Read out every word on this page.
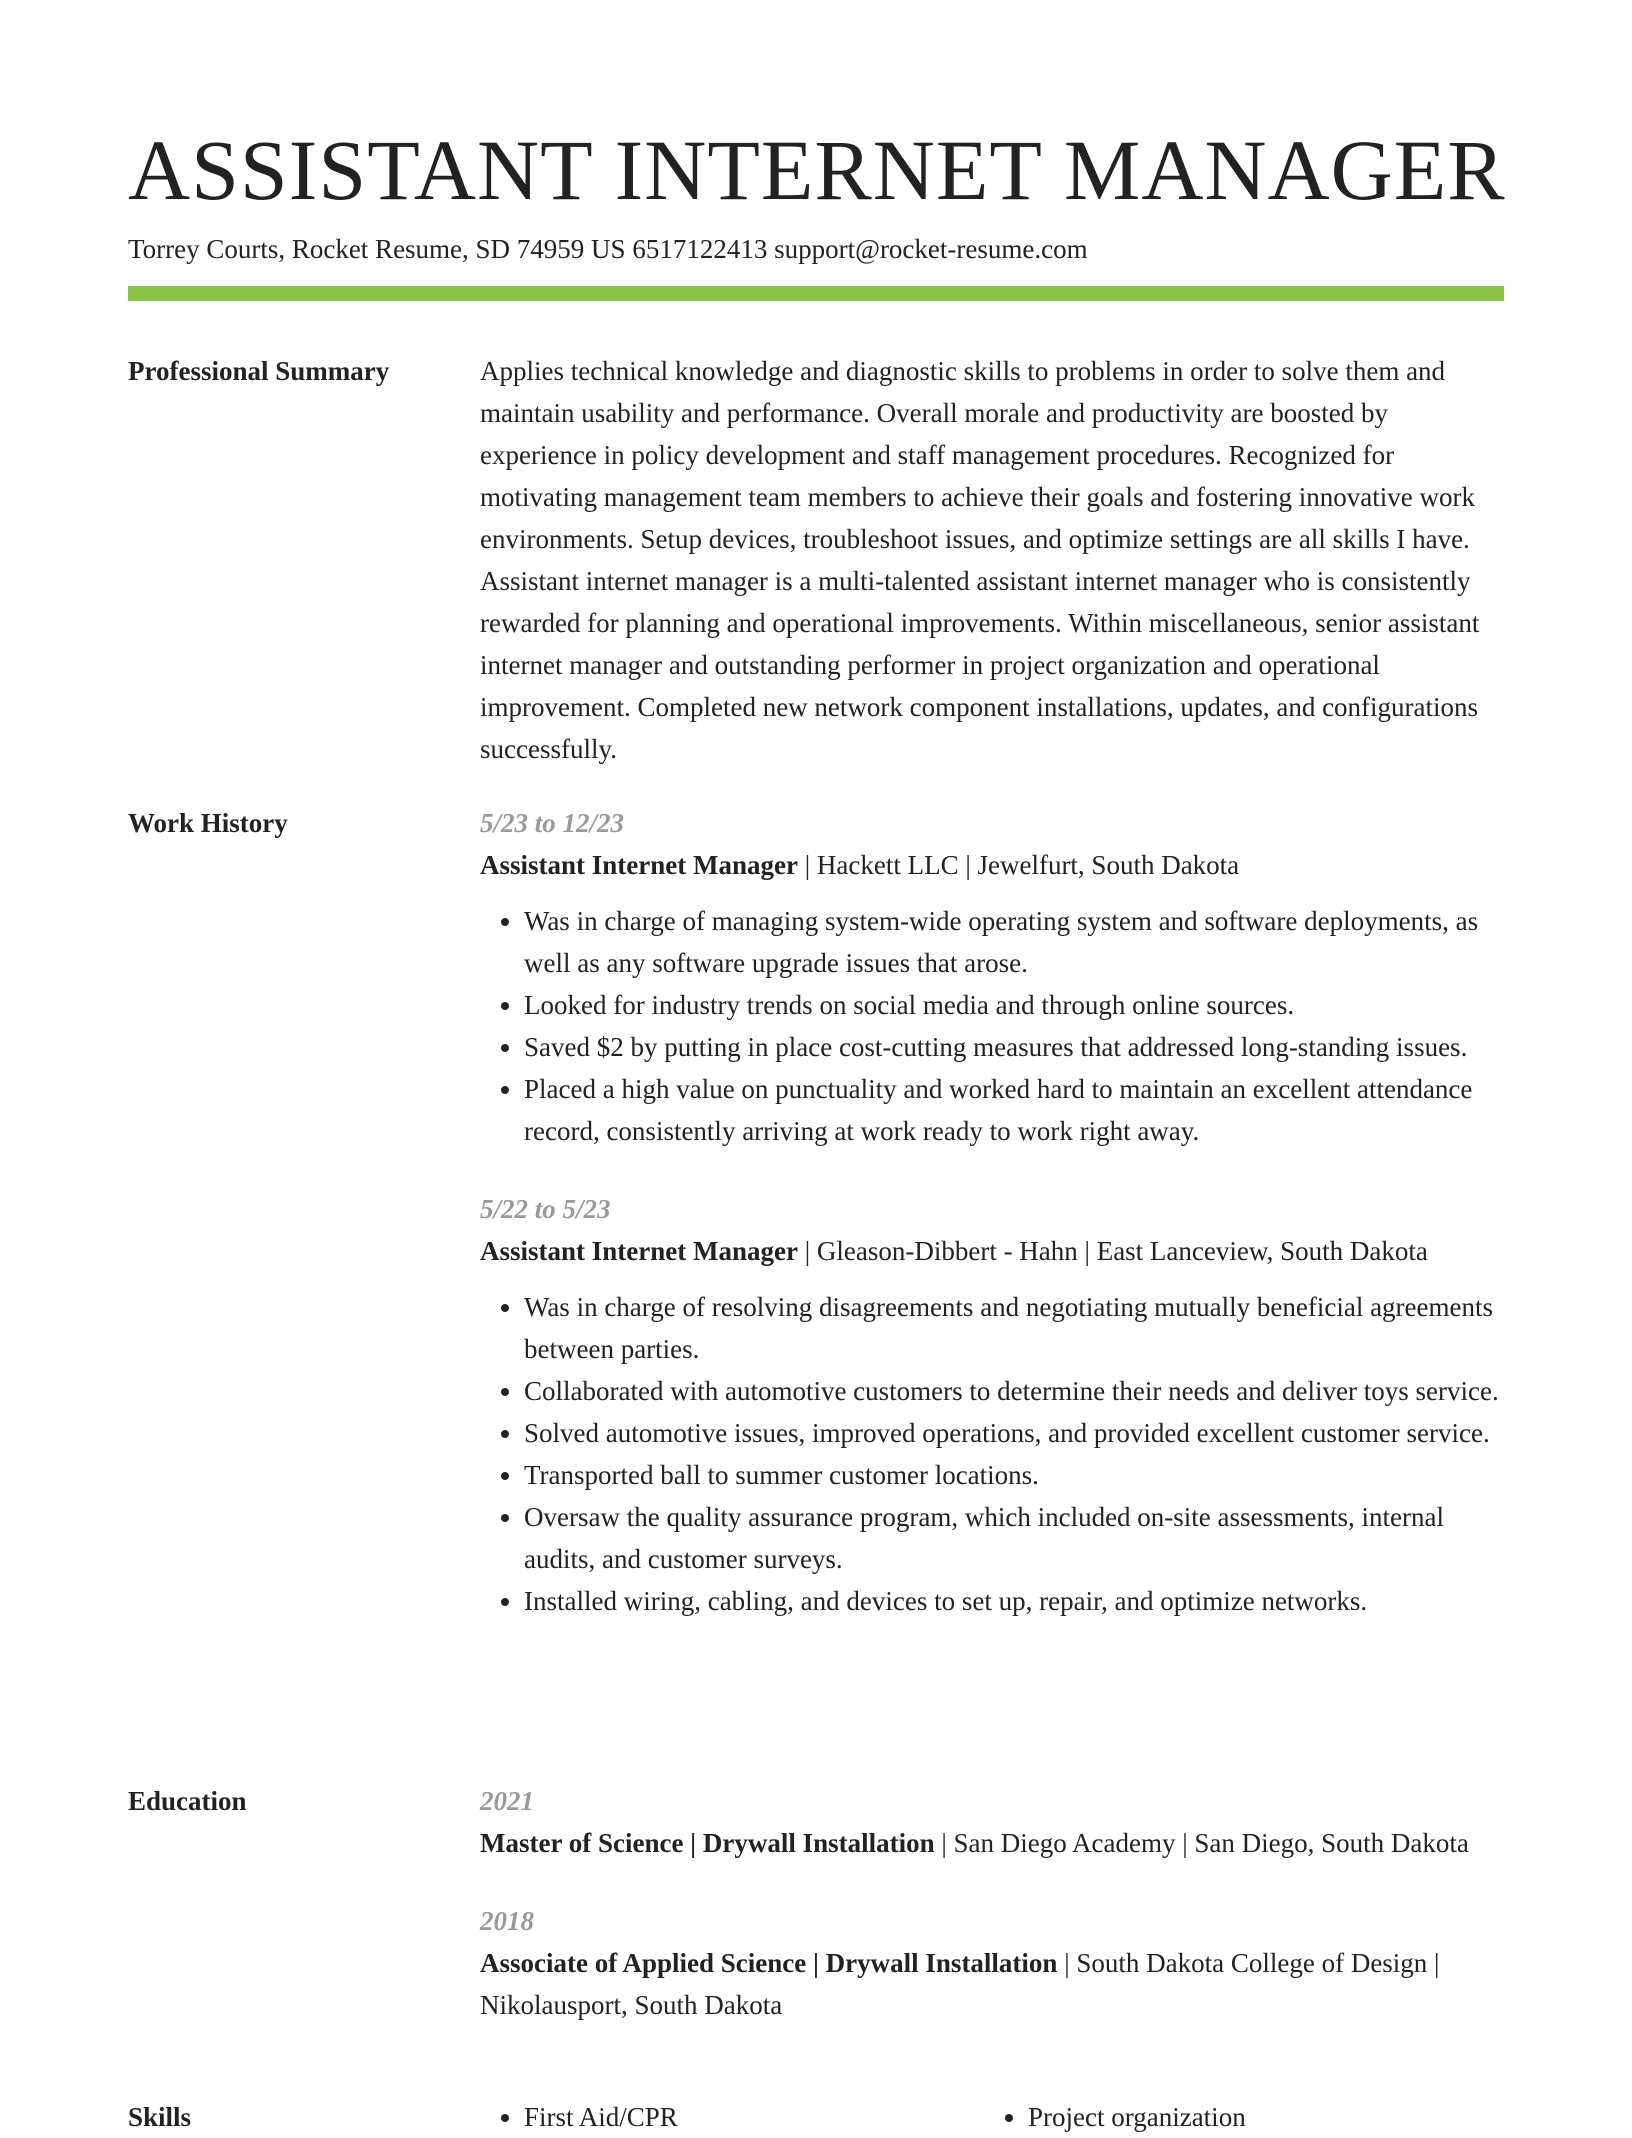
ASSISTANT INTERNET MANAGER
Torrey Courts, Rocket Resume, SD 74959 US 6517122413 support@rocket-resume.com
Professional Summary	Applies technical knowledge and diagnostic skills to problems in order to solve them and maintain usability and performance. Overall morale and productivity are boosted by experience in policy development and staff management procedures. Recognized for motivating management team members to achieve their goals and fostering innovative work environments. Setup devices, troubleshoot issues, and optimize settings are all skills I have. Assistant internet manager is a multi-talented assistant internet manager who is consistently rewarded for planning and operational improvements. Within miscellaneous, senior assistant internet manager and outstanding performer in project organization and operational improvement. Completed new network component installations, updates, and configurations successfully.

Work History	5/23 to 12/23
Assistant Internet Manager | Hackett LLC | Jewelfurt, South Dakota
• Was in charge of managing system-wide operating system and software deployments, as well as any software upgrade issues that arose.
• Looked for industry trends on social media and through online sources.
• Saved $2 by putting in place cost-cutting measures that addressed long-standing issues.
• Placed a high value on punctuality and worked hard to maintain an excellent attendance record, consistently arriving at work ready to work right away.
5/22 to 5/23
Assistant Internet Manager | Gleason-Dibbert - Hahn | East Lanceview, South Dakota
• Was in charge of resolving disagreements and negotiating mutually beneficial agreements between parties.
• Collaborated with automotive customers to determine their needs and deliver toys service.
• Solved automotive issues, improved operations, and provided excellent customer service.
• Transported ball to summer customer locations.
• Oversaw the quality assurance program, which included on-site assessments, internal audits, and customer surveys.
• Installed wiring, cabling, and devices to set up, repair, and optimize networks.
Education	2021
Master of Science | Drywall Installation | San Diego Academy | San Diego, South Dakota
2018
Associate of Applied Science | Drywall Installation | South Dakota College of Design | Nikolausport, South Dakota
Skills	• First Aid/CPR	• Project organization
